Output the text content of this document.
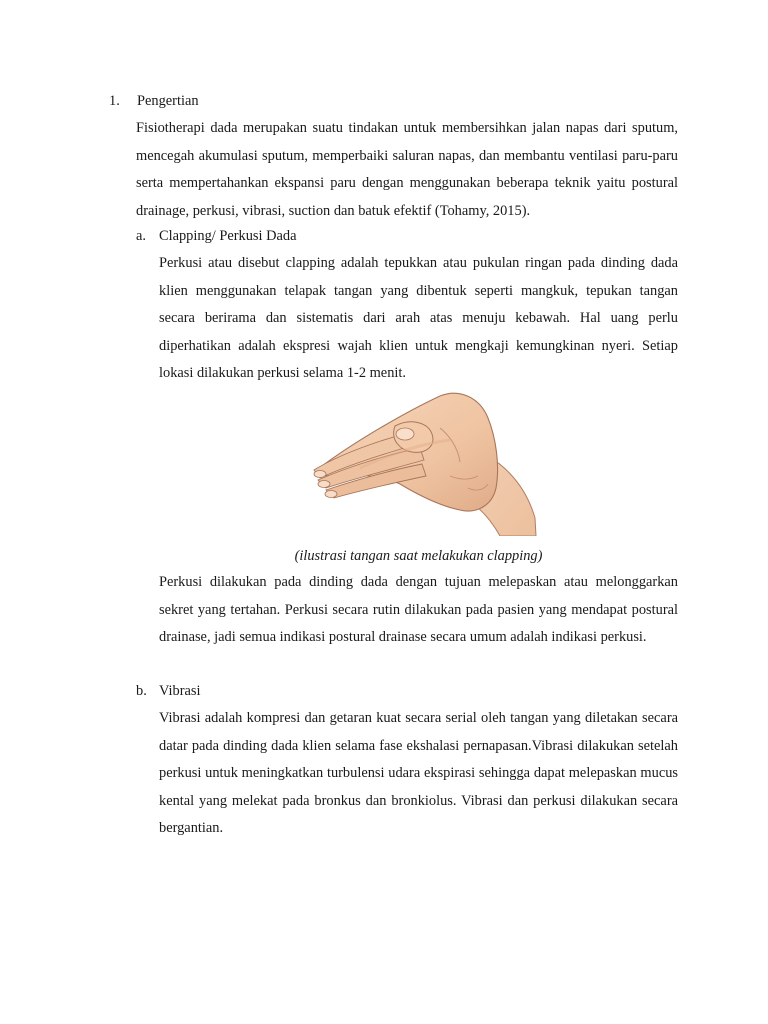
1.	Pengertian

Fisiotherapi dada merupakan suatu tindakan untuk membersihkan jalan napas dari sputum, mencegah akumulasi sputum, memperbaiki saluran napas, dan membantu ventilasi paru-paru serta mempertahankan ekspansi paru dengan menggunakan beberapa teknik yaitu postural drainage, perkusi, vibrasi, suction dan batuk efektif (Tohamy, 2015).

a. Clapping/ Perkusi Dada

Perkusi atau disebut clapping adalah tepukkan atau pukulan ringan pada dinding dada klien menggunakan telapak tangan yang dibentuk seperti mangkuk, tepukan tangan secara berirama dan sistematis dari arah atas menuju kebawah. Hal uang perlu diperhatikan adalah ekspresi wajah klien untuk mengkaji kemungkinan nyeri. Setiap lokasi dilakukan perkusi selama 1-2 menit.

(ilustrasi tangan saat melakukan clapping)

Perkusi dilakukan pada dinding dada dengan tujuan melepaskan atau melonggarkan sekret yang tertahan. Perkusi secara rutin dilakukan pada pasien yang mendapat postural drainase, jadi semua indikasi postural drainase secara umum adalah indikasi perkusi.

b. Vibrasi

Vibrasi adalah kompresi dan getaran kuat secara serial oleh tangan yang diletakan secara datar pada dinding dada klien selama fase ekshalasi pernapasan.Vibrasi dilakukan setelah perkusi untuk meningkatkan turbulensi udara ekspirasi sehingga dapat melepaskan mucus kental yang melekat pada bronkus dan bronkiolus. Vibrasi dan perkusi dilakukan secara bergantian.
